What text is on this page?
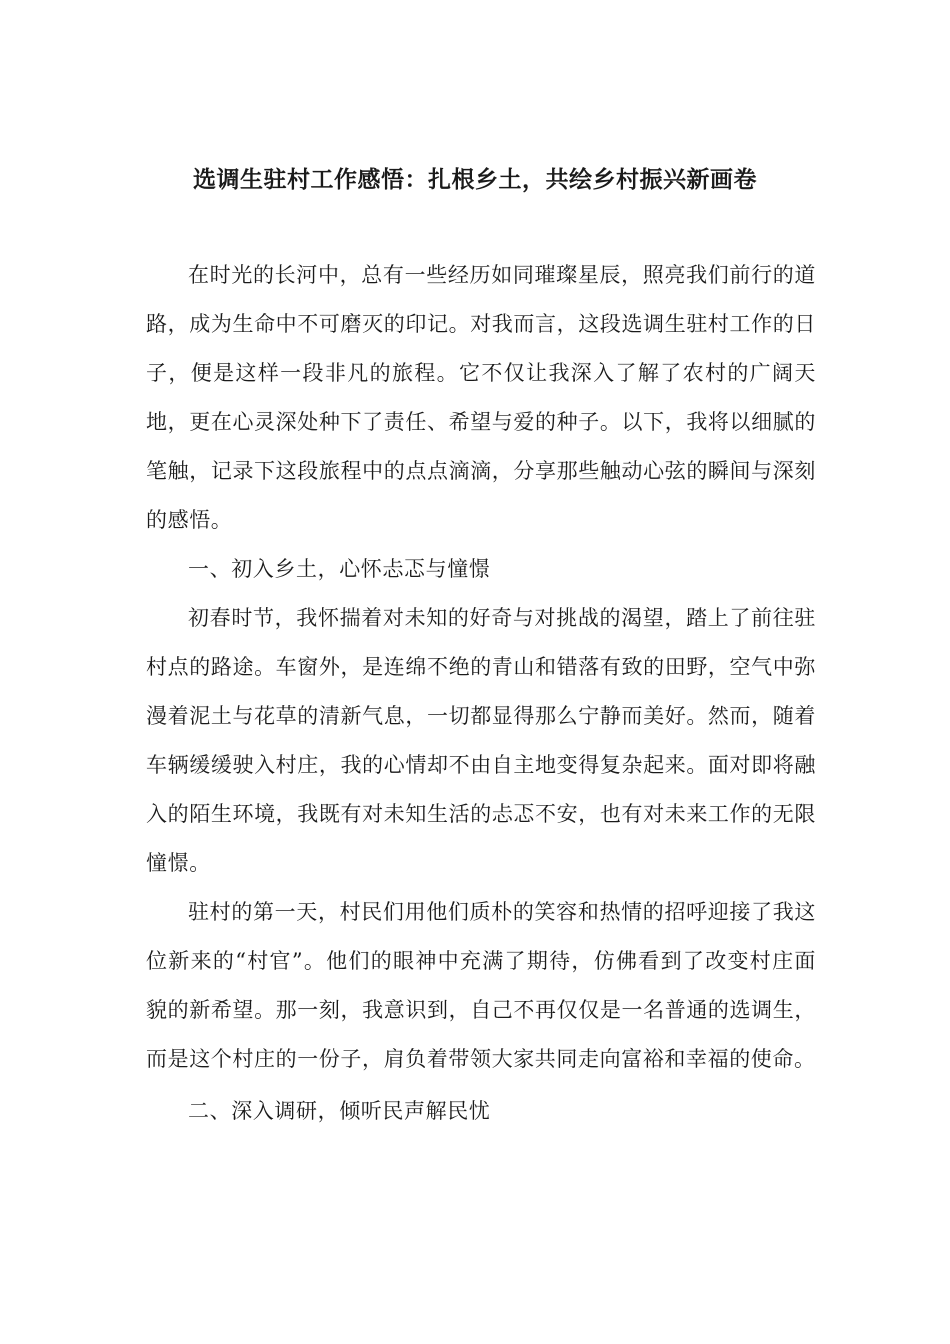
选调生驻村工作感悟：扎根乡土，共绘乡村振兴新画卷

在时光的长河中，总有一些经历如同璀璨星辰，照亮我们前行的道路，成为生命中不可磨灭的印记。对我而言，这段选调生驻村工作的日子，便是这样一段非凡的旅程。它不仅让我深入了解了农村的广阔天地，更在心灵深处种下了责任、希望与爱的种子。以下，我将以细腻的笔触，记录下这段旅程中的点点滴滴，分享那些触动心弦的瞬间与深刻的感悟。

一、初入乡土，心怀忐忑与憧憬

初春时节，我怀揣着对未知的好奇与对挑战的渴望，踏上了前往驻村点的路途。车窗外，是连绵不绝的青山和错落有致的田野，空气中弥漫着泥土与花草的清新气息，一切都显得那么宁静而美好。然而，随着车辆缓缓驶入村庄，我的心情却不由自主地变得复杂起来。面对即将融入的陌生环境，我既有对未知生活的忐忑不安，也有对未来工作的无限憧憬。

驻村的第一天，村民们用他们质朴的笑容和热情的招呼迎接了我这位新来的“村官”。他们的眼神中充满了期待，仿佛看到了改变村庄面貌的新希望。那一刻，我意识到，自己不再仅仅是一名普通的选调生，而是这个村庄的一份子，肩负着带领大家共同走向富裕和幸福的使命。

二、深入调研，倾听民声解民忧
